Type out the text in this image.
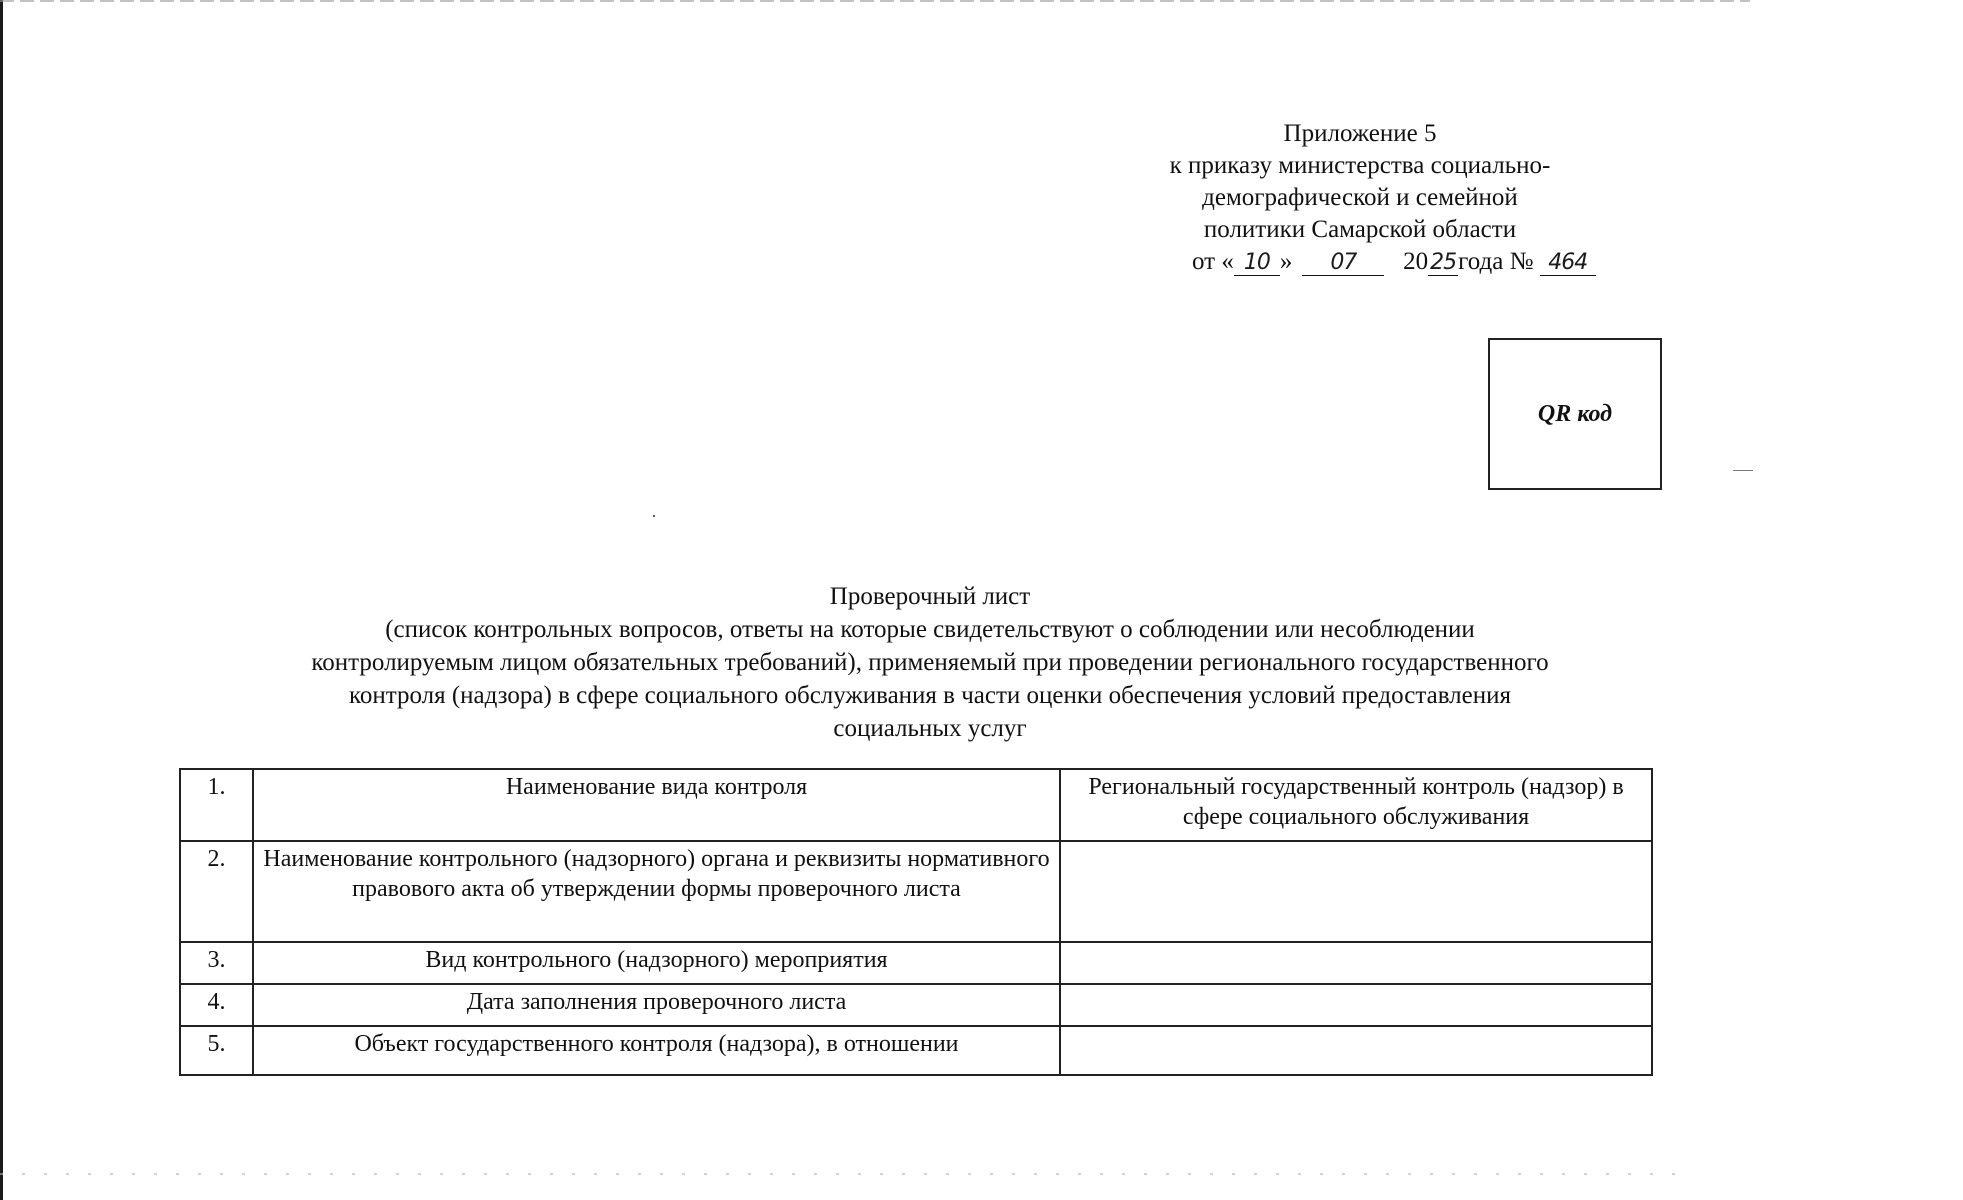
Приложение 5
к приказу министерства социально-
демографической и семейной
политики Самарской области
от « 10 » 07 2025года № 464
QR код
Проверочный лист
(список контрольных вопросов, ответы на которые свидетельствуют о соблюдении или несоблюдении
контролируемым лицом обязательных требований), применяемый при проведении регионального государственного
контроля (надзора) в сфере социального обслуживания в части оценки обеспечения условий предоставления
социальных услуг
1.	Наименование вида контроля	Региональный государственный контроль (надзор) в сфере социального обслуживания
2.	Наименование контрольного (надзорного) органа и реквизиты нормативного правового акта об утверждении формы проверочного листа	
3.	Вид контрольного (надзорного) мероприятия	
4.	Дата заполнения проверочного листа	
5.	Объект государственного контроля (надзора), в отношении	
